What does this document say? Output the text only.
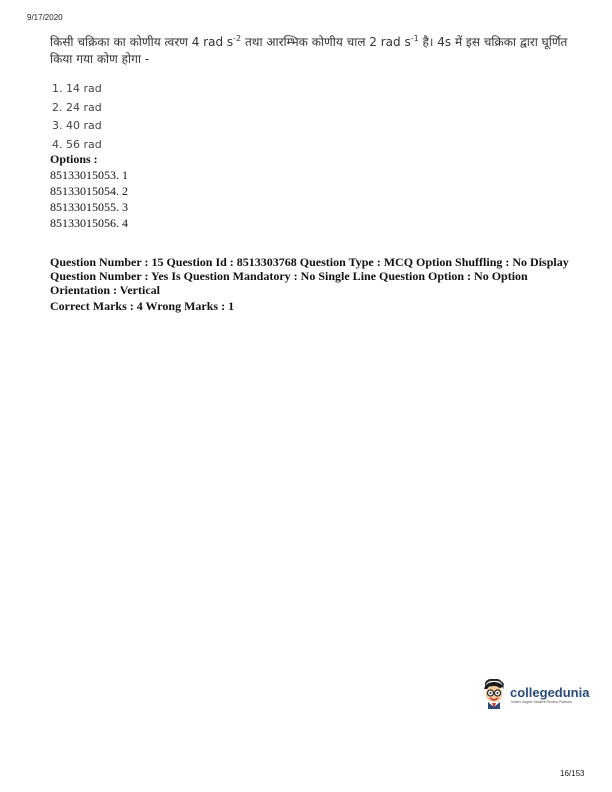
9/17/2020
किसी चक्रिका का कोणीय त्वरण 4 rad $s^{-2}$ तथा आरम्भिक कोणीय चाल 2 rad $s^{-1}$ है। 4s में इस चक्रिका द्वारा घूर्णित किया गया कोण होगा -
1. 14 rad
2. 24 rad
3. 40 rad
4. 56 rad
Options :
85133015053. 1
85133015054. 2
85133015055. 3
85133015056. 4
Question Number : 15 Question Id : 8513303768 Question Type : MCQ Option Shuffling : No Display
Question Number : Yes Is Question Mandatory : No Single Line Question Option : No Option
Orientation : Vertical
Correct Marks : 4 Wrong Marks : 1
collegedunia
India's largest Student Review Platform
16/153
